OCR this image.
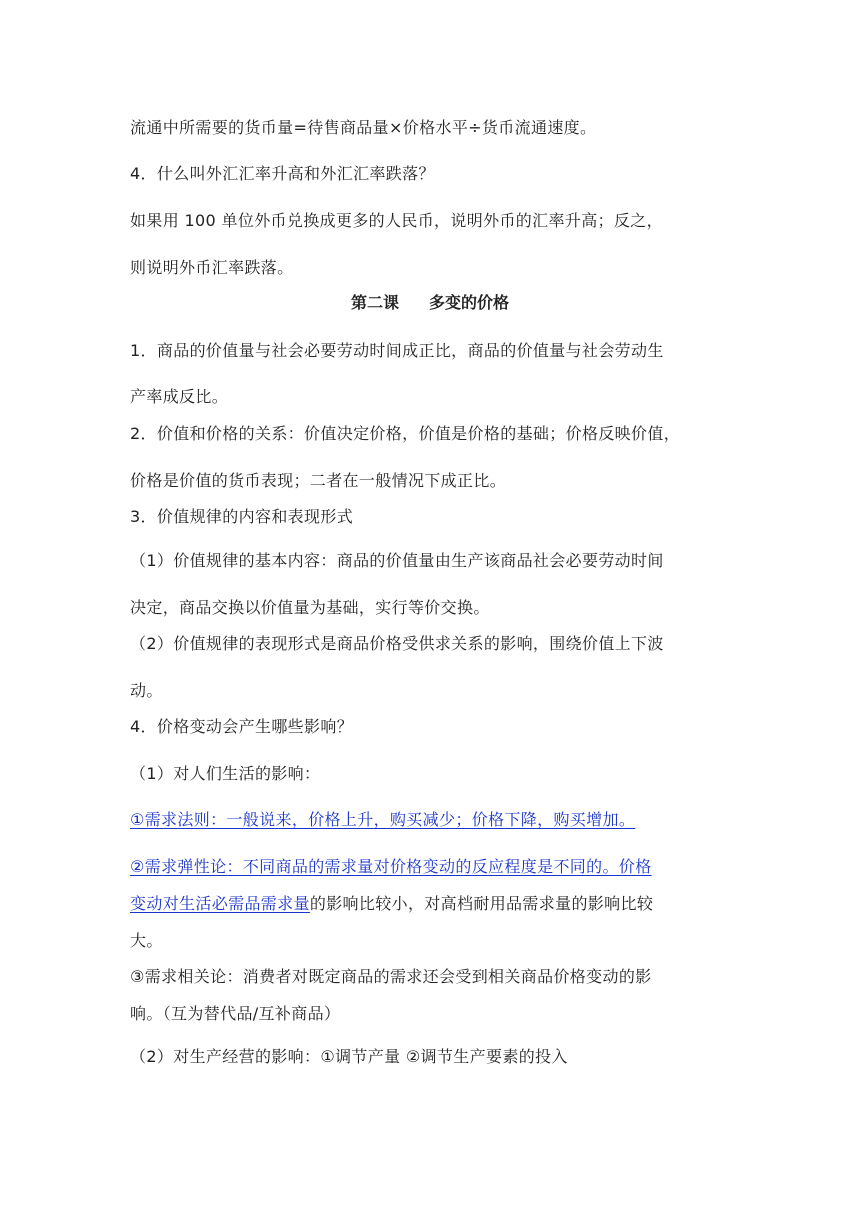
流通中所需要的货币量=待售商品量×价格水平÷货币流通速度。
4．什么叫外汇汇率升高和外汇汇率跌落？
如果用 100 单位外币兑换成更多的人民币，说明外币的汇率升高；反之，
则说明外币汇率跌落。
第二课 多变的价格
1．商品的价值量与社会必要劳动时间成正比，商品的价值量与社会劳动生
产率成反比。
2．价值和价格的关系：价值决定价格，价值是价格的基础；价格反映价值，
价格是价值的货币表现；二者在一般情况下成正比。
3．价值规律的内容和表现形式
（1）价值规律的基本内容：商品的价值量由生产该商品社会必要劳动时间
决定，商品交换以价值量为基础，实行等价交换。
（2）价值规律的表现形式是商品价格受供求关系的影响，围绕价值上下波
动。
4．价格变动会产生哪些影响？
（1）对人们生活的影响：
①需求法则：一般说来，价格上升，购买减少；价格下降，购买增加。
②需求弹性论：不同商品的需求量对价格变动的反应程度是不同的。价格
变动对生活必需品需求量的影响比较小，对高档耐用品需求量的影响比较
大。
③需求相关论：消费者对既定商品的需求还会受到相关商品价格变动的影
响。（互为替代品/互补商品）
（2）对生产经营的影响：①调节产量 ②调节生产要素的投入
